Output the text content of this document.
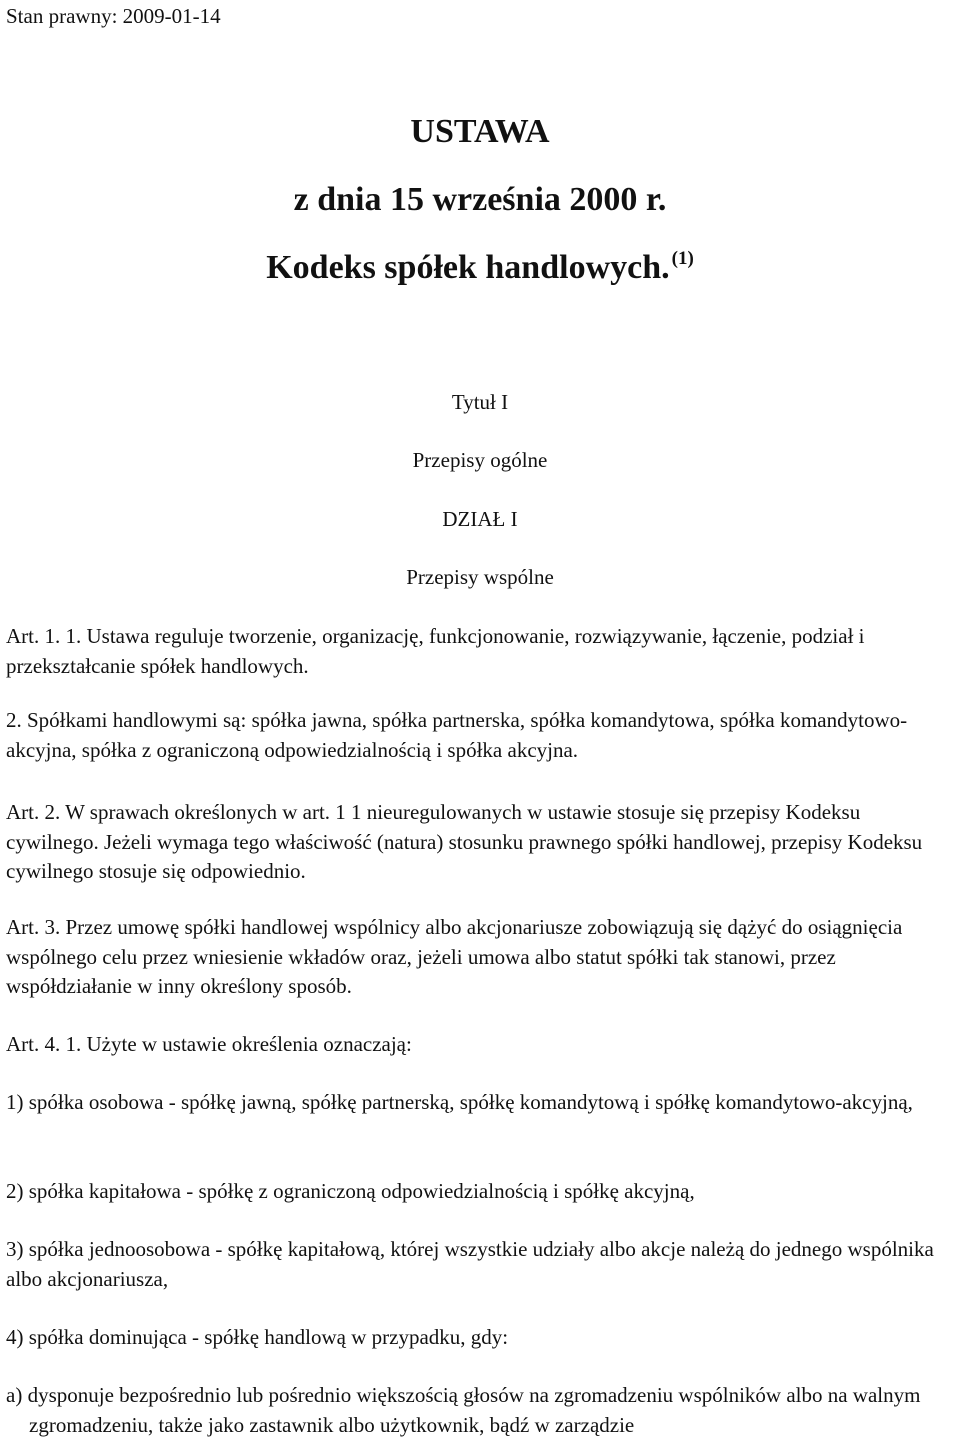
Stan prawny: 2009-01-14
USTAWA
z dnia 15 września 2000 r.
Kodeks spółek handlowych. $^{(1)}$
Tytuł I
Przepisy ogólne
DZIAŁ I
Przepisy wspólne
Art. 1. 1. Ustawa reguluje tworzenie, organizację, funkcjonowanie, rozwiązywanie, łączenie, podział i przekształcanie spółek handlowych.
2. Spółkami handlowymi są: spółka jawna, spółka partnerska, spółka komandytowa, spółka komandytowo-akcyjna, spółka z ograniczoną odpowiedzialnością i spółka akcyjna.
Art. 2. W sprawach określonych w art. 1 1 nieuregulowanych w ustawie stosuje się przepisy Kodeksu cywilnego. Jeżeli wymaga tego właściwość (natura) stosunku prawnego spółki handlowej, przepisy Kodeksu cywilnego stosuje się odpowiednio.
Art. 3. Przez umowę spółki handlowej wspólnicy albo akcjonariusze zobowiązują się dążyć do osiągnięcia wspólnego celu przez wniesienie wkładów oraz, jeżeli umowa albo statut spółki tak stanowi, przez współdziałanie w inny określony sposób.
Art. 4. 1. Użyte w ustawie określenia oznaczają:
1) spółka osobowa - spółkę jawną, spółkę partnerską, spółkę komandytową i spółkę komandytowo-akcyjną,
2) spółka kapitałowa - spółkę z ograniczoną odpowiedzialnością i spółkę akcyjną,
3) spółka jednoosobowa - spółkę kapitałową, której wszystkie udziały albo akcje należą do jednego wspólnika albo akcjonariusza,
4) spółka dominująca - spółkę handlową w przypadku, gdy:
a) dysponuje bezpośrednio lub pośrednio większością głosów na zgromadzeniu wspólników albo na walnym zgromadzeniu, także jako zastawnik albo użytkownik, bądź w zarządzie
